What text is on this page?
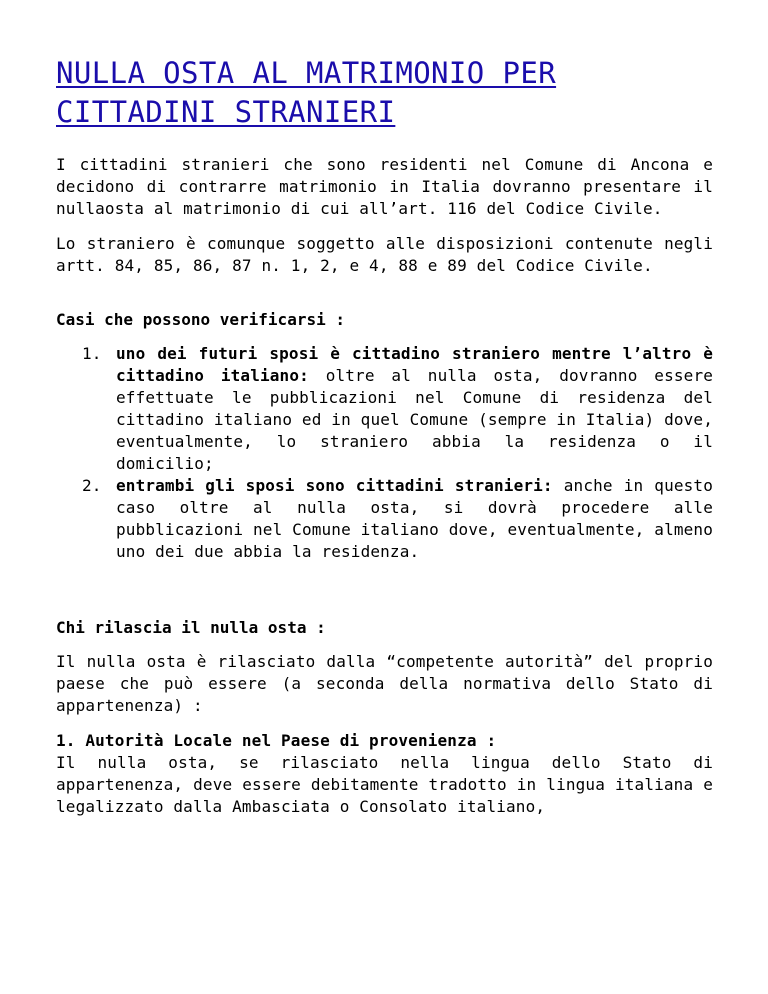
NULLA OSTA AL MATRIMONIO PER CITTADINI STRANIERI

I cittadini stranieri che sono residenti nel Comune di Ancona e decidono di contrarre matrimonio in Italia dovranno presentare il nullaosta al matrimonio di cui all’art. 116 del Codice Civile.

Lo straniero è comunque soggetto alle disposizioni contenute negli artt. 84, 85, 86, 87 n. 1, 2, e 4, 88 e 89 del Codice Civile.

Casi che possono verificarsi :

1. uno dei futuri sposi è cittadino straniero mentre l’altro è cittadino italiano: oltre al nulla osta, dovranno essere effettuate le pubblicazioni nel Comune di residenza del cittadino italiano ed in quel Comune (sempre in Italia) dove, eventualmente, lo straniero abbia la residenza o il domicilio;
2. entrambi gli sposi sono cittadini stranieri: anche in questo caso oltre al nulla osta, si dovrà procedere alle pubblicazioni nel Comune italiano dove, eventualmente, almeno uno dei due abbia la residenza.

Chi rilascia il nulla osta :

Il nulla osta è rilasciato dalla “competente autorità” del proprio paese che può essere (a seconda della normativa dello Stato di appartenenza) :

1. Autorità Locale nel Paese di provenienza :
Il nulla osta, se rilasciato nella lingua dello Stato di appartenenza, deve essere debitamente tradotto in lingua italiana e legalizzato dalla Ambasciata o Consolato italiano,
